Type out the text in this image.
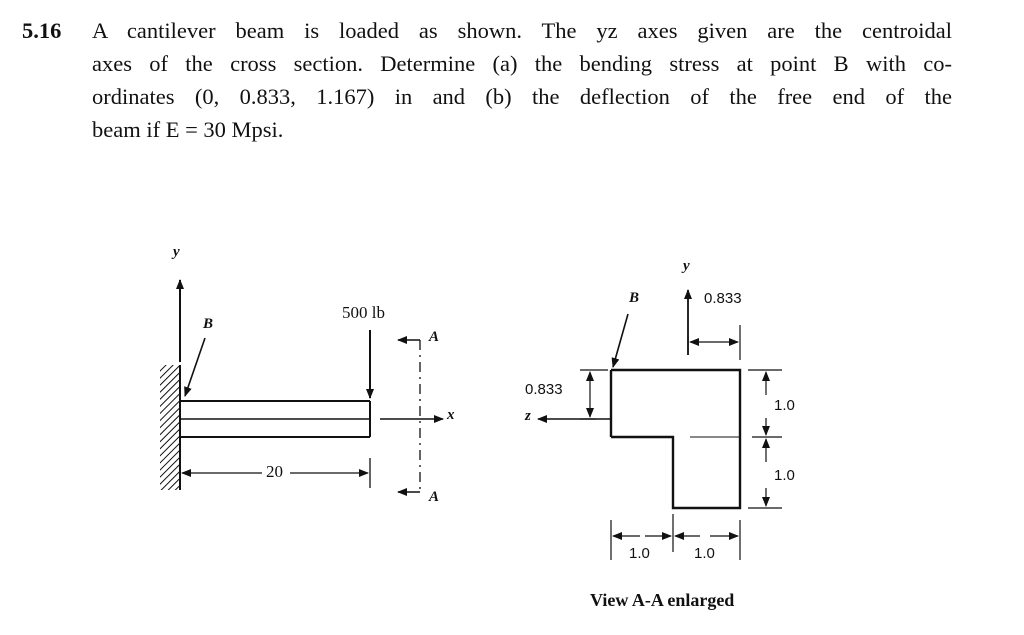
5.16 A cantilever beam is loaded as shown. The yz axes given are the centroidal
axes of the cross section. Determine (a) the bending stress at point B with co-
ordinates (0, 0.833, 1.167) in and (b) the deflection of the free end of the
beam if E = 30 Mpsi.
y
B
500 lb
A
A
x
20
y
B	0.833
0.833
z
1.0
1.0
1.0	1.0
View A-A enlarged
